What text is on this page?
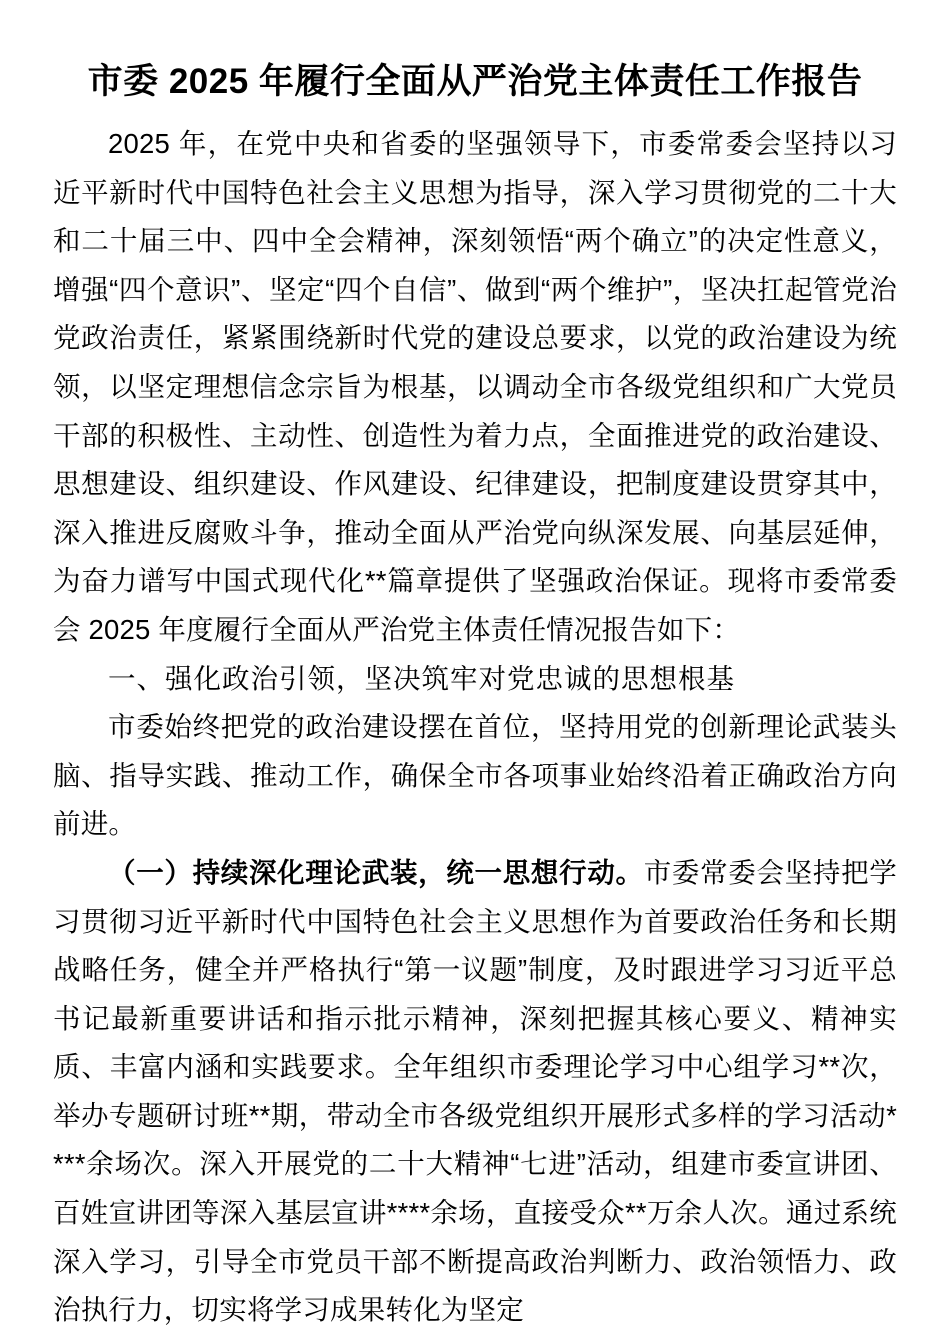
市委 2025 年履行全面从严治党主体责任工作报告

2025 年，在党中央和省委的坚强领导下，市委常委会坚持以习近平新时代中国特色社会主义思想为指导，深入学习贯彻党的二十大和二十届三中、四中全会精神，深刻领悟“两个确立”的决定性意义，增强“四个意识”、坚定“四个自信”、做到“两个维护”，坚决扛起管党治党政治责任，紧紧围绕新时代党的建设总要求，以党的政治建设为统领，以坚定理想信念宗旨为根基，以调动全市各级党组织和广大党员干部的积极性、主动性、创造性为着力点，全面推进党的政治建设、思想建设、组织建设、作风建设、纪律建设，把制度建设贯穿其中，深入推进反腐败斗争，推动全面从严治党向纵深发展、向基层延伸，为奋力谱写中国式现代化**篇章提供了坚强政治保证。现将市委常委会 2025 年度履行全面从严治党主体责任情况报告如下：

一、强化政治引领，坚决筑牢对党忠诚的思想根基

市委始终把党的政治建设摆在首位，坚持用党的创新理论武装头脑、指导实践、推动工作，确保全市各项事业始终沿着正确政治方向前进。

（一）持续深化理论武装，统一思想行动。市委常委会坚持把学习贯彻习近平新时代中国特色社会主义思想作为首要政治任务和长期战略任务，健全并严格执行“第一议题”制度，及时跟进学习习近平总书记最新重要讲话和指示批示精神，深刻把握其核心要义、精神实质、丰富内涵和实践要求。全年组织市委理论学习中心组学习**次，举办专题研讨班**期，带动全市各级党组织开展形式多样的学习活动****余场次。深入开展党的二十大精神“七进”活动，组建市委宣讲团、百姓宣讲团等深入基层宣讲****余场，直接受众**万余人次。通过系统深入学习，引导全市党员干部不断提高政治判断力、政治领悟力、政治执行力，切实将学习成果转化为坚定
